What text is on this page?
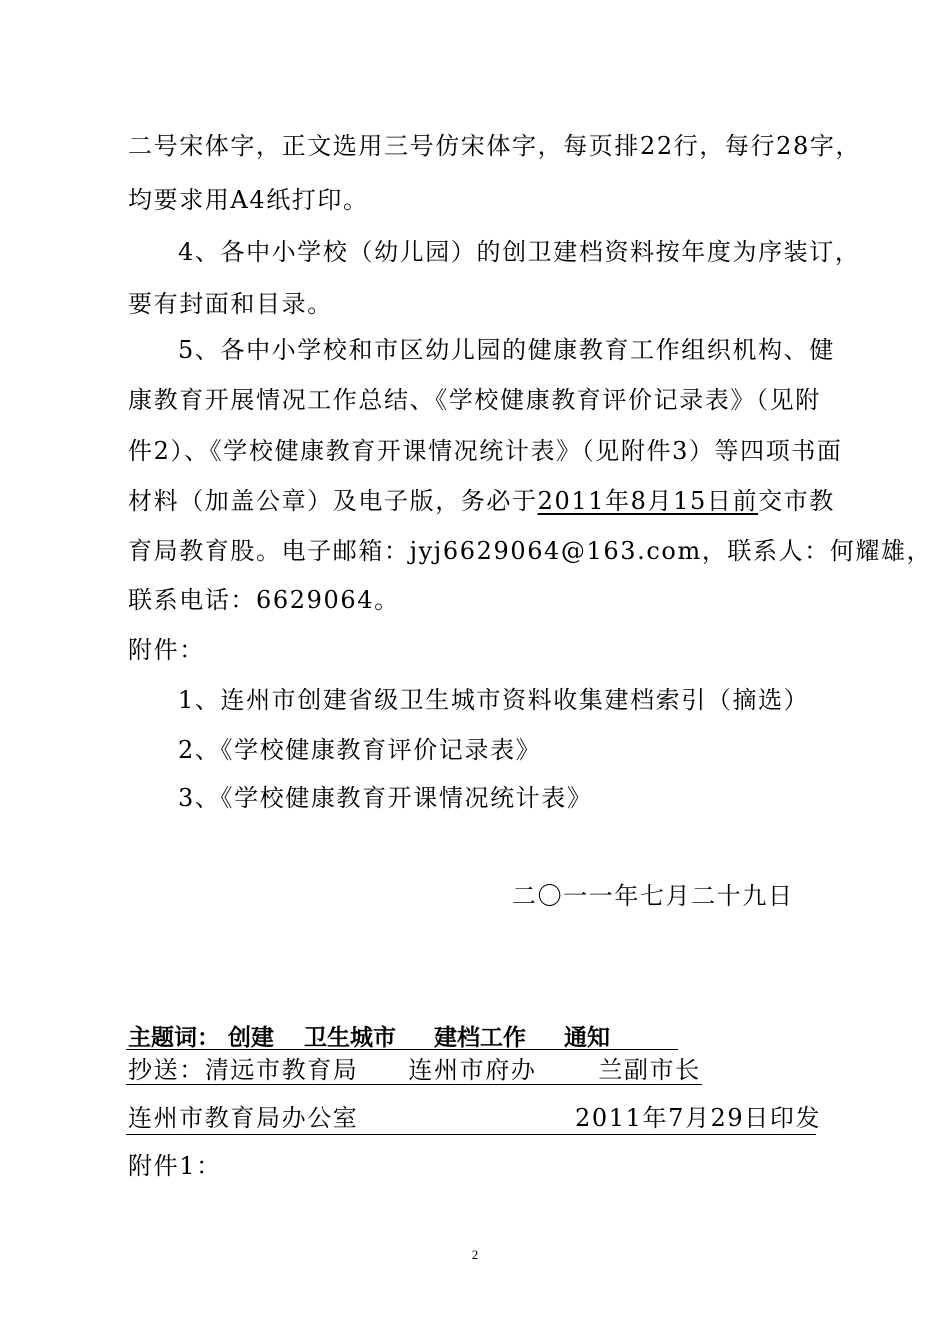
二号宋体字，正文选用三号仿宋体字，每页排22行，每行28字，
均要求用A4纸打印。
4、各中小学校（幼儿园）的创卫建档资料按年度为序装订，
要有封面和目录。
5、各中小学校和市区幼儿园的健康教育工作组织机构、健
康教育开展情况工作总结、《学校健康教育评价记录表》（见附
件2）、《学校健康教育开课情况统计表》（见附件3）等四项书面
材料（加盖公章）及电子版，务必于2011年8月15日前交市教
育局教育股。电子邮箱：jyj6629064@163.com，联系人：何耀雄，
联系电话：6629064。
附件：
1、连州市创建省级卫生城市资料收集建档索引（摘选）
2、《学校健康教育评价记录表》
3、《学校健康教育开课情况统计表》
二〇一一年七月二十九日
主题词： 创建 卫生城市 建档工作 通知
抄送：清远市教育局 连州市府办	兰副市长
连州市教育局办公室	2011年7月29日印发
附件1：
2
